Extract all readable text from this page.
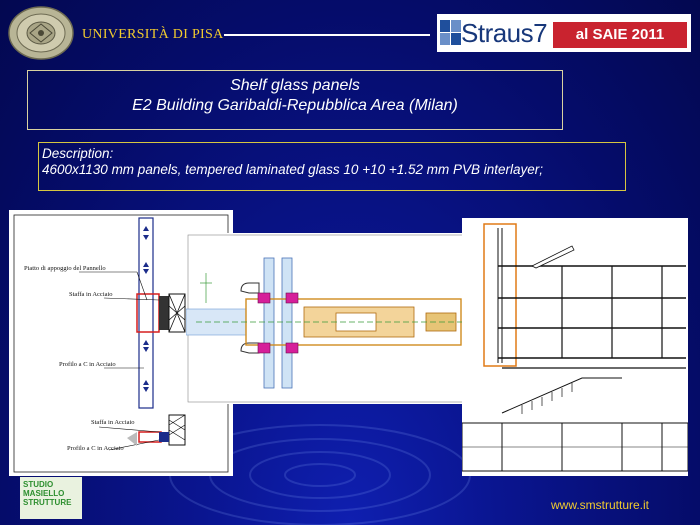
UNIVERSITÀ DI PISA	Straus7	al SAIE 2011
Shelf glass panels
E2 Building Garibaldi-Repubblica Area (Milan)
Description:
4600x1130 mm panels, tempered laminated glass 10 +10 +1.52 mm PVB interlayer;
Piatto di appoggio del Pannello
Staffa in Acciaio
Profilo a C in Acciaio
Staffa in Acciaio
Profilo a C in Acciaio
STUDIO
MASIELLO
STRUTTURE	www.smstrutture.it
